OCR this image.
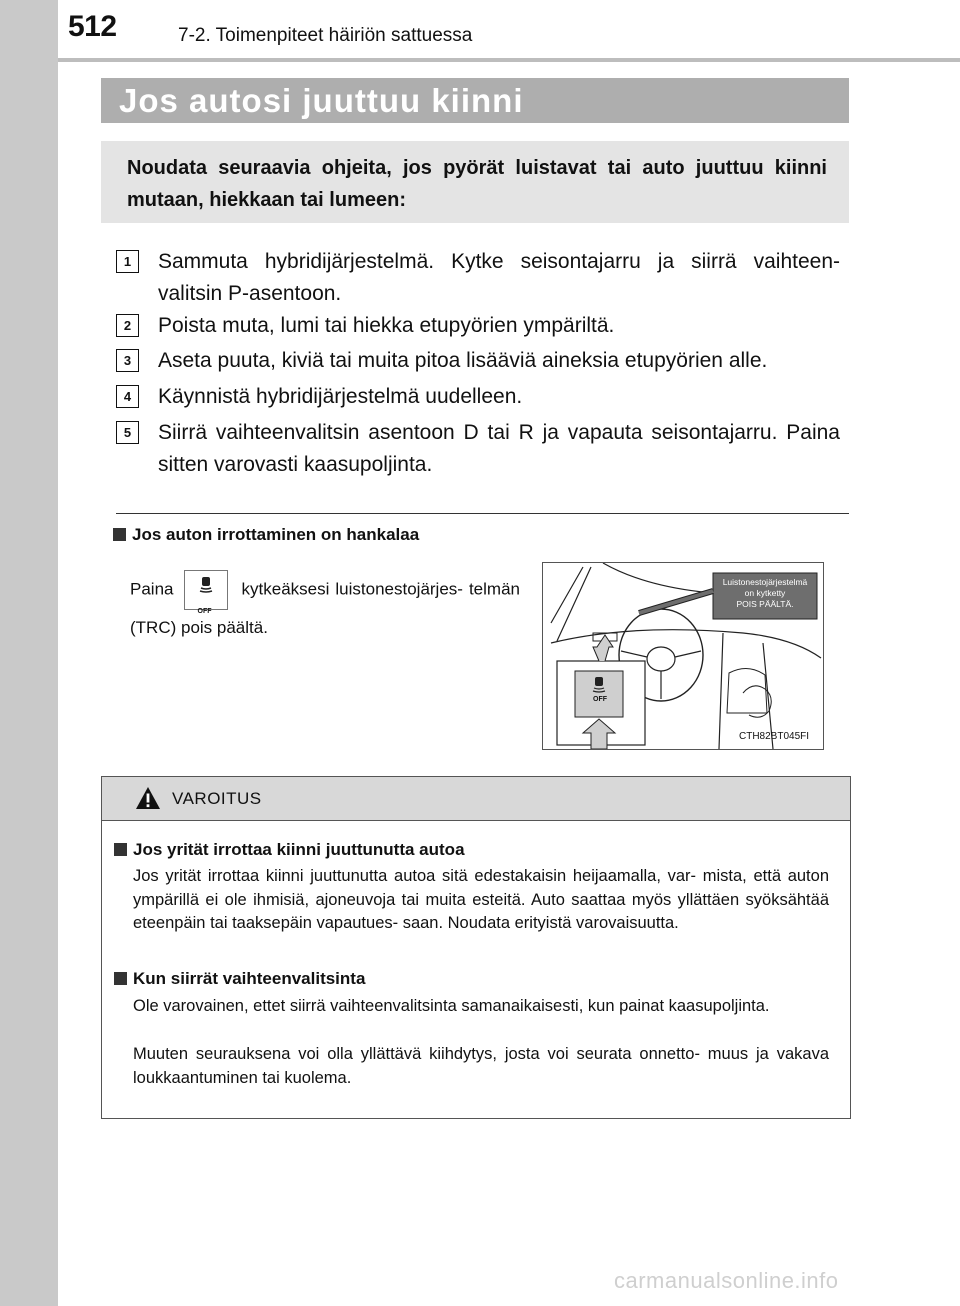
512	7-2. Toimenpiteet häiriön sattuessa
Jos autosi juuttuu kiinni
Noudata seuraavia ohjeita, jos pyörät luistavat tai auto juuttuu kiinni mutaan, hiekkaan tai lumeen:
1	Sammuta hybridijärjestelmä. Kytke seisontajarru ja siirrä vaihteen- valitsin P-asentoon.
2	Poista muta, lumi tai hiekka etupyörien ympäriltä.
3	Aseta puuta, kiviä tai muita pitoa lisääviä aineksia etupyörien alle.
4	Käynnistä hybridijärjestelmä uudelleen.
5	Siirrä vaihteenvalitsin asentoon D tai R ja vapauta seisontajarru. Paina sitten varovasti kaasupoljinta.
Jos auton irrottaminen on hankalaa
Paina
OFF
kytkeäksesi luistonestojärjes- telmän (TRC) pois päältä.
Luistonestojärjestelmä
on kytketty
POIS PÄÄLTÄ.
OFF
CTH82BT045FI
VAROITUS
Jos yrität irrottaa kiinni juuttunutta autoa
Jos yrität irrottaa kiinni juuttunutta autoa sitä edestakaisin heijaamalla, var- mista, että auton ympärillä ei ole ihmisiä, ajoneuvoja tai muita esteitä. Auto saattaa myös yllättäen syöksähtää eteenpäin tai taaksepäin vapautues- saan. Noudata erityistä varovaisuutta.
Kun siirrät vaihteenvalitsinta
Ole varovainen, ettet siirrä vaihteenvalitsinta samanaikaisesti, kun painat kaasupoljinta.
Muuten seurauksena voi olla yllättävä kiihdytys, josta voi seurata onnetto- muus ja vakava loukkaantuminen tai kuolema.
carmanualsonline.info
